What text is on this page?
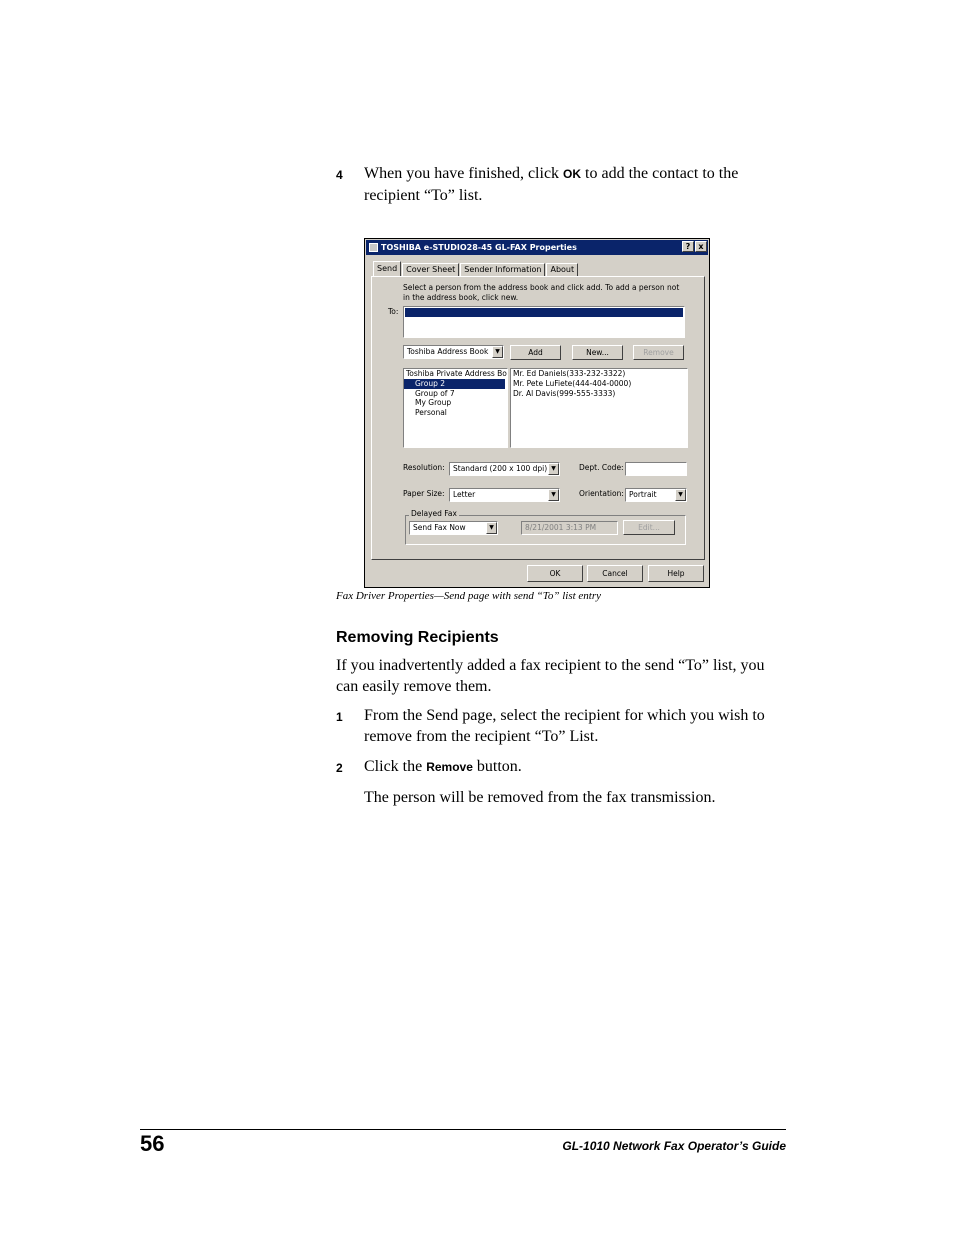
4 When you have finished, click OK to add the contact to the recipient “To” list.
TOSHIBA e-STUDIO28-45 GL-FAX Properties	?	x
Send	Cover Sheet	Sender Information	About
Select a person from the address book and click add. To add a person not in the address book, click new.
To:
Toshiba Address Book	▼	Add	New...	Remove
Toshiba Private Address Bo
Group 2
Group of 7
My Group
Personal
Mr. Ed Daniels(333-232-3322)
Mr. Pete LuFiete(444-404-0000)
Dr. Al Davis(999-555-3333)
Resolution:	Standard (200 x 100 dpi) ▼	Dept. Code:
Paper Size:	Letter	▼	Orientation: Portrait	▼
Delayed Fax
Send Fax Now	▼	8/21/2001 3:13 PM	Edit...
OK	Cancel	Help
Fax Driver Properties—Send page with send “To” list entry
Removing Recipients
If you inadvertently added a fax recipient to the send “To” list, you can easily remove them.
1 From the Send page, select the recipient for which you wish to remove from the recipient “To” List.
2 Click the Remove button.
The person will be removed from the fax transmission.
56	GL-1010 Network Fax Operator’s Guide
